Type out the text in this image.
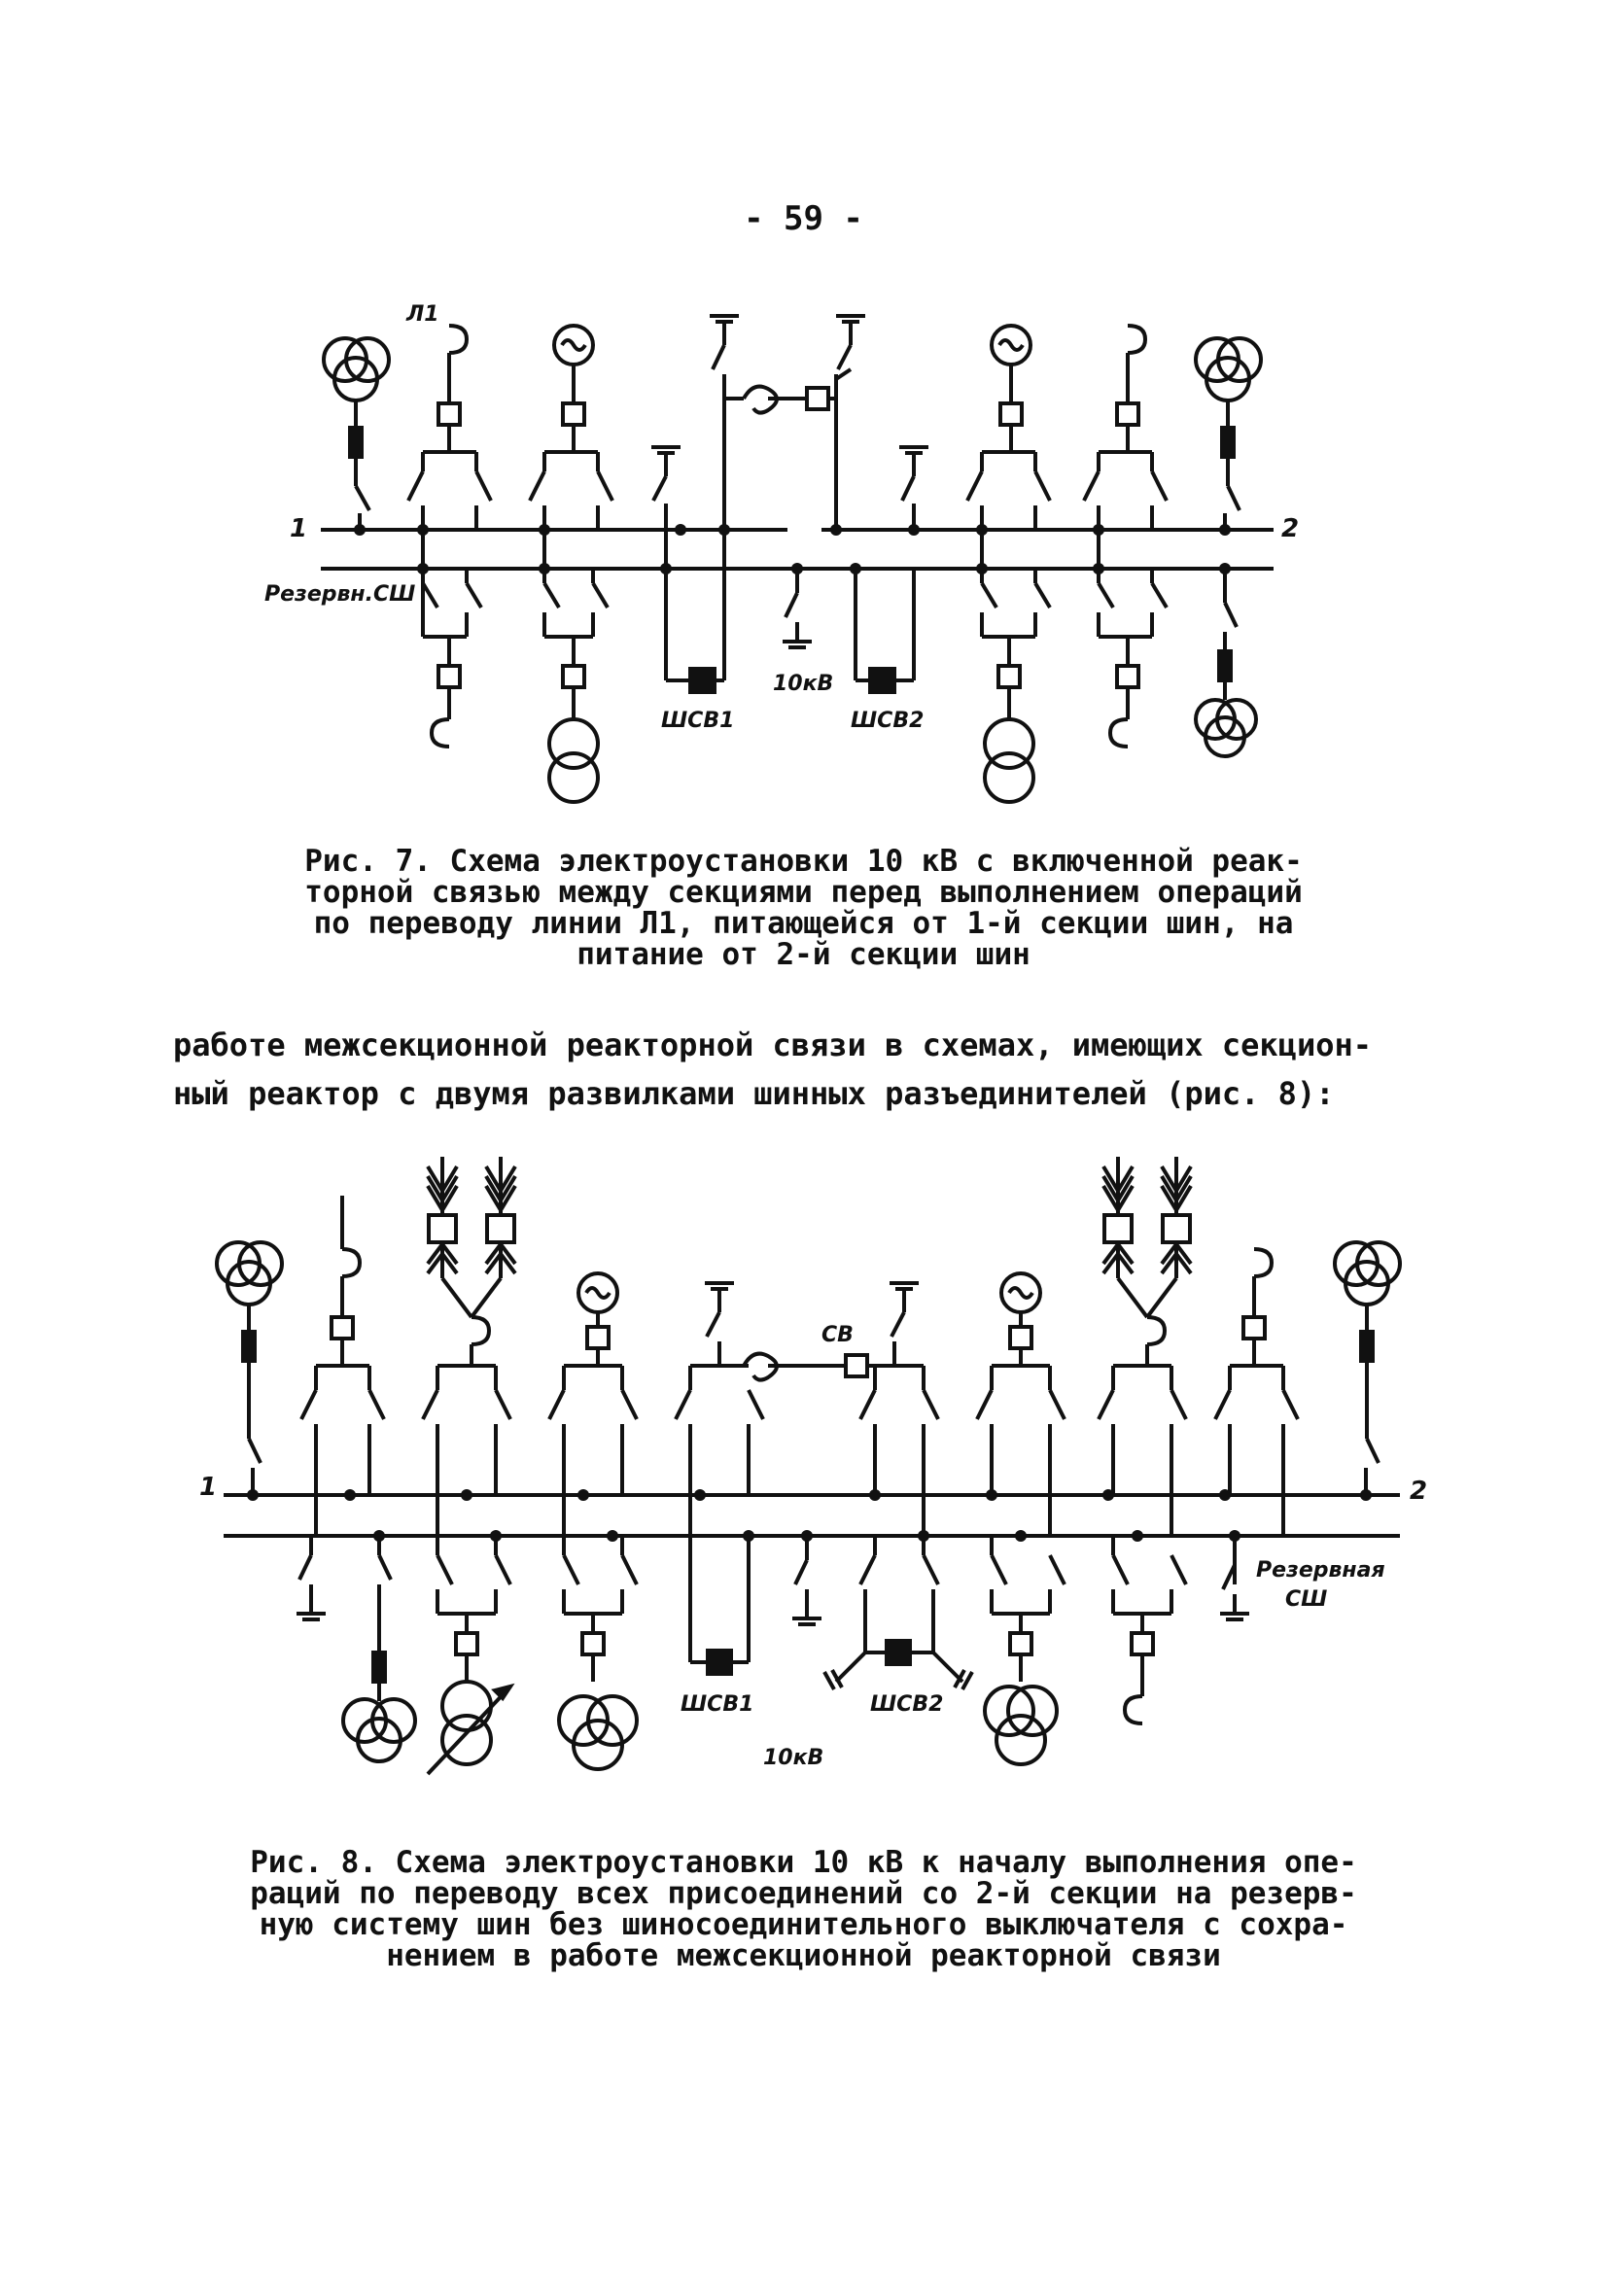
- 59 -
1	2
Резервн.СШ
Л1
ШСВ1	ШСВ2
10кВ
Рис. 7. Схема электроустановки 10 кВ с включенной реак-
торной связью между секциями перед выполнением операций
по переводу линии Л1, питающейся от 1-й секции шин, на
питание от 2-й секции шин
работе межсекционной реакторной связи в схемах, имеющих секцион-
ный реактор с двумя развилками шинных разъединителей (рис. 8):
1	2
СВ
Резервная
СШ
ШСВ1	ШСВ2
10кВ
Рис. 8. Схема электроустановки 10 кВ к началу выполнения опе-
раций по переводу всех присоединений со 2-й секции на резерв-
ную систему шин без шиносоединительного выключателя с сохра-
нением в работе межсекционной реакторной связи
